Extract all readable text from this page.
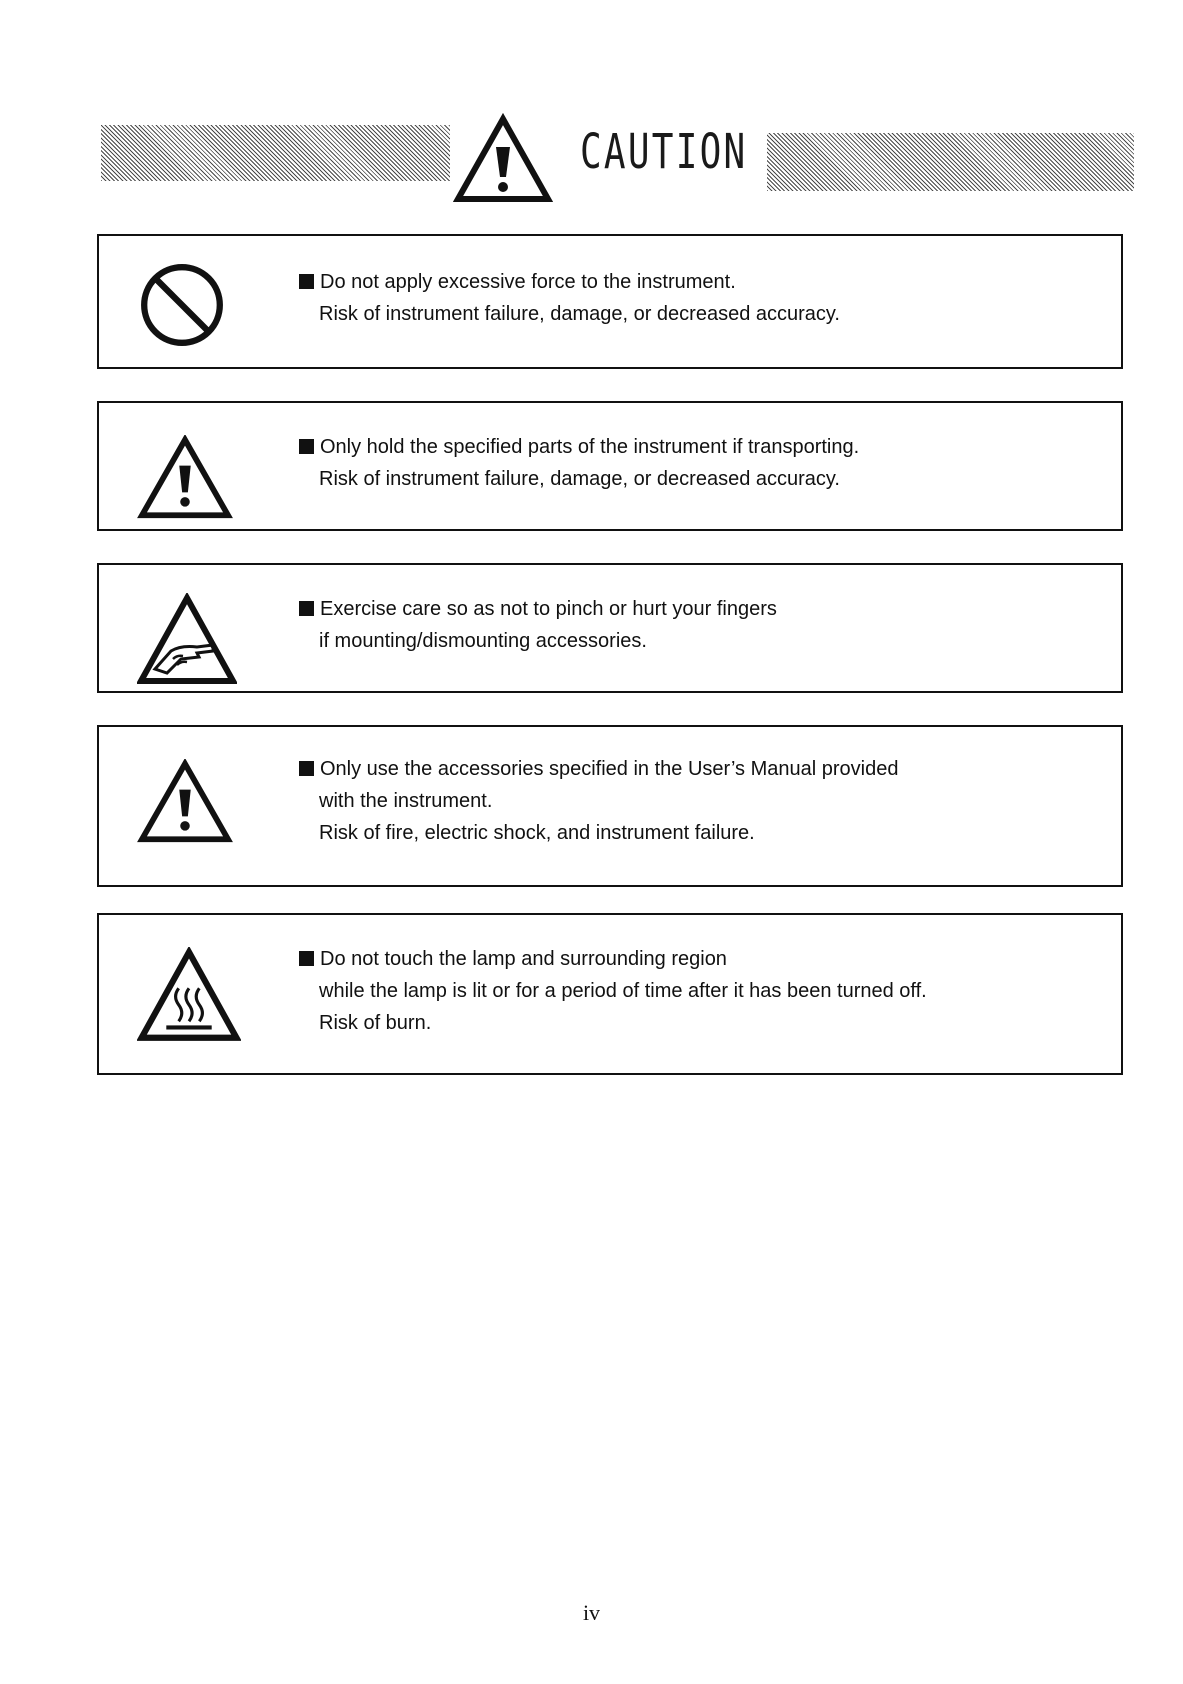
CAUTION
Do not apply excessive force to the instrument.
Risk of instrument failure, damage, or decreased accuracy.
Only hold the specified parts of the instrument if transporting.
Risk of instrument failure, damage, or decreased accuracy.
Exercise care so as not to pinch or hurt your fingers
if mounting/dismounting accessories.
Only use the accessories specified in the User’s Manual provided
with the instrument.
Risk of fire, electric shock, and instrument failure.
Do not touch the lamp and surrounding region
while the lamp is lit or for a period of time after it has been turned off.
Risk of burn.
iv
